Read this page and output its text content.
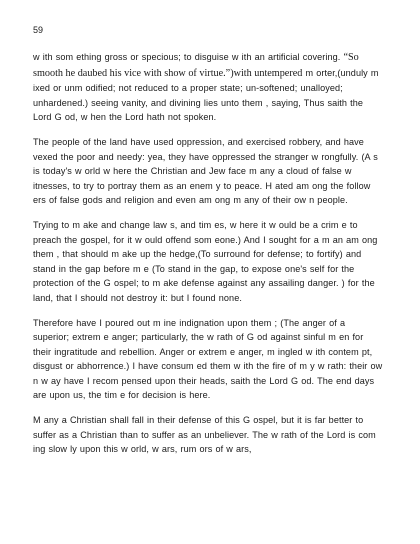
59

w ith som ething gross or specious; to disguise w ith an artificial covering. “So smooth he daubed his vice with show of virtue.”)with untempered m orter,(unduly m ixed or unm odified; not reduced to a proper state; un-softened; unalloyed; unhardened.) seeing vanity, and divining lies unto them , saying, Thus saith the Lord G od, w hen the Lord hath not spoken.

The people of the land have used oppression, and exercised robbery, and have vexed the poor and needy: yea, they have oppressed the stranger w rongfully. (A s is today's w orld w here the Christian and Jew face m any a cloud of false w itnesses, to try to portray them as an enem y to peace. H ated am ong the follow ers of false gods and religion and even am ong m any of their ow n people.

Trying to m ake and change law s, and tim es, w here it w ould be a crim e to preach the gospel, for it w ould offend som eone.) And I sought for a m an am ong them , that should m ake up the hedge,(To surround for defense; to fortify) and stand in the gap before m e (To stand in the gap, to expose one's self for the protection of the G ospel; to m ake defense against any assailing danger. ) for the land, that I should not destroy it: but I found none.

Therefore have I poured out m ine indignation upon them ; (The anger of a superior; extrem e anger; particularly, the w rath of G od against sinful m en for their ingratitude and rebellion. Anger or extrem e anger, m ingled w ith contem pt, disgust or abhorrence.) I have consum ed them w ith the fire of m y w rath: their ow n w ay have I recom pensed upon their heads, saith the Lord G od. The end days are upon us, the tim e for decision is here.

M any a Christian shall fall in their defense of this G ospel, but it is far better to suffer as a Christian than to suffer as an unbeliever. The w rath of the Lord is com ing slow ly upon this w orld, w ars, rum ors of w ars,
